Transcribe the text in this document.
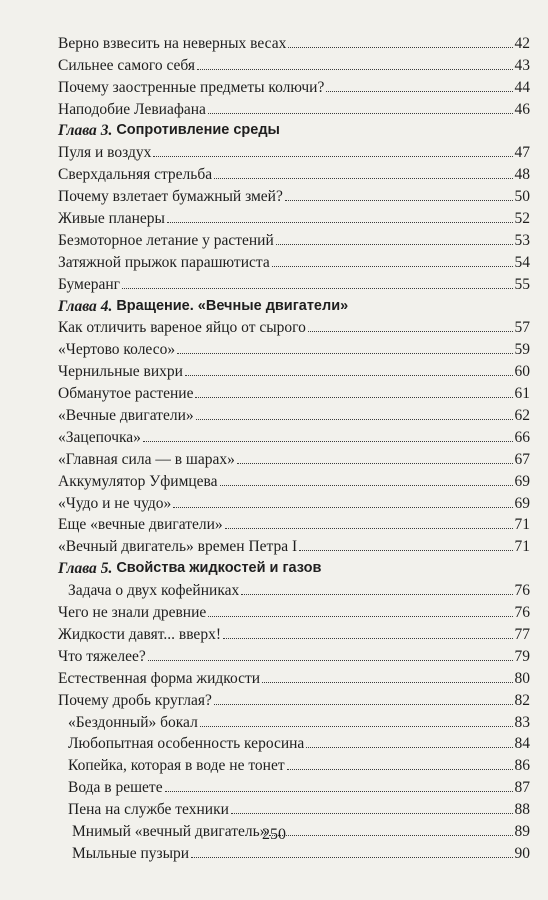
Верно взвесить на неверных весах	42
Сильнее самого себя	43
Почему заостренные предметы колючи?	44
Наподобие Левиафана	46
Глава
3 . Сопротивление среды
Пуля и воздух	47
Сверхдальняя стрельба	48
Почему взлетает бумажный змей?	50
Живые планеры	52
Безмоторное летание у растений	53
Затяжной прыжок парашютиста	54
Бумеранг	55
Глава
4 . Вращение. «Вечные двигатели»
Как отличить вареное яйцо от сырого	57
«Чертово колесо»	59
Чернильные вихри	60
Обманутое растение	61
«Вечные двигатели»	62
«Зацепочка»	66
«Главная сила — в шарах»	67
Аккумулятор Уфимцева	69
«Чудо и не чудо»	69
Еще «вечные двигатели»	71
«Вечный двигатель» времен Петра I	71
Глава
5 . Свойства жидкостей и газов
Задача о двух кофейниках	76
Чего не знали древние	76
Жидкости давят... вверх!	77
Что тяжелее?	79
Естественная форма жидкости	80
Почему дробь круглая?	82
«Бездонный» бокал	83
Любопытная особенность керосина	84
Копейка, которая в воде не тонет	86
Вода в решете	87
Пена на службе техники	88
Мнимый «вечный двигатель»	89
Мыльные пузыри	90
250
